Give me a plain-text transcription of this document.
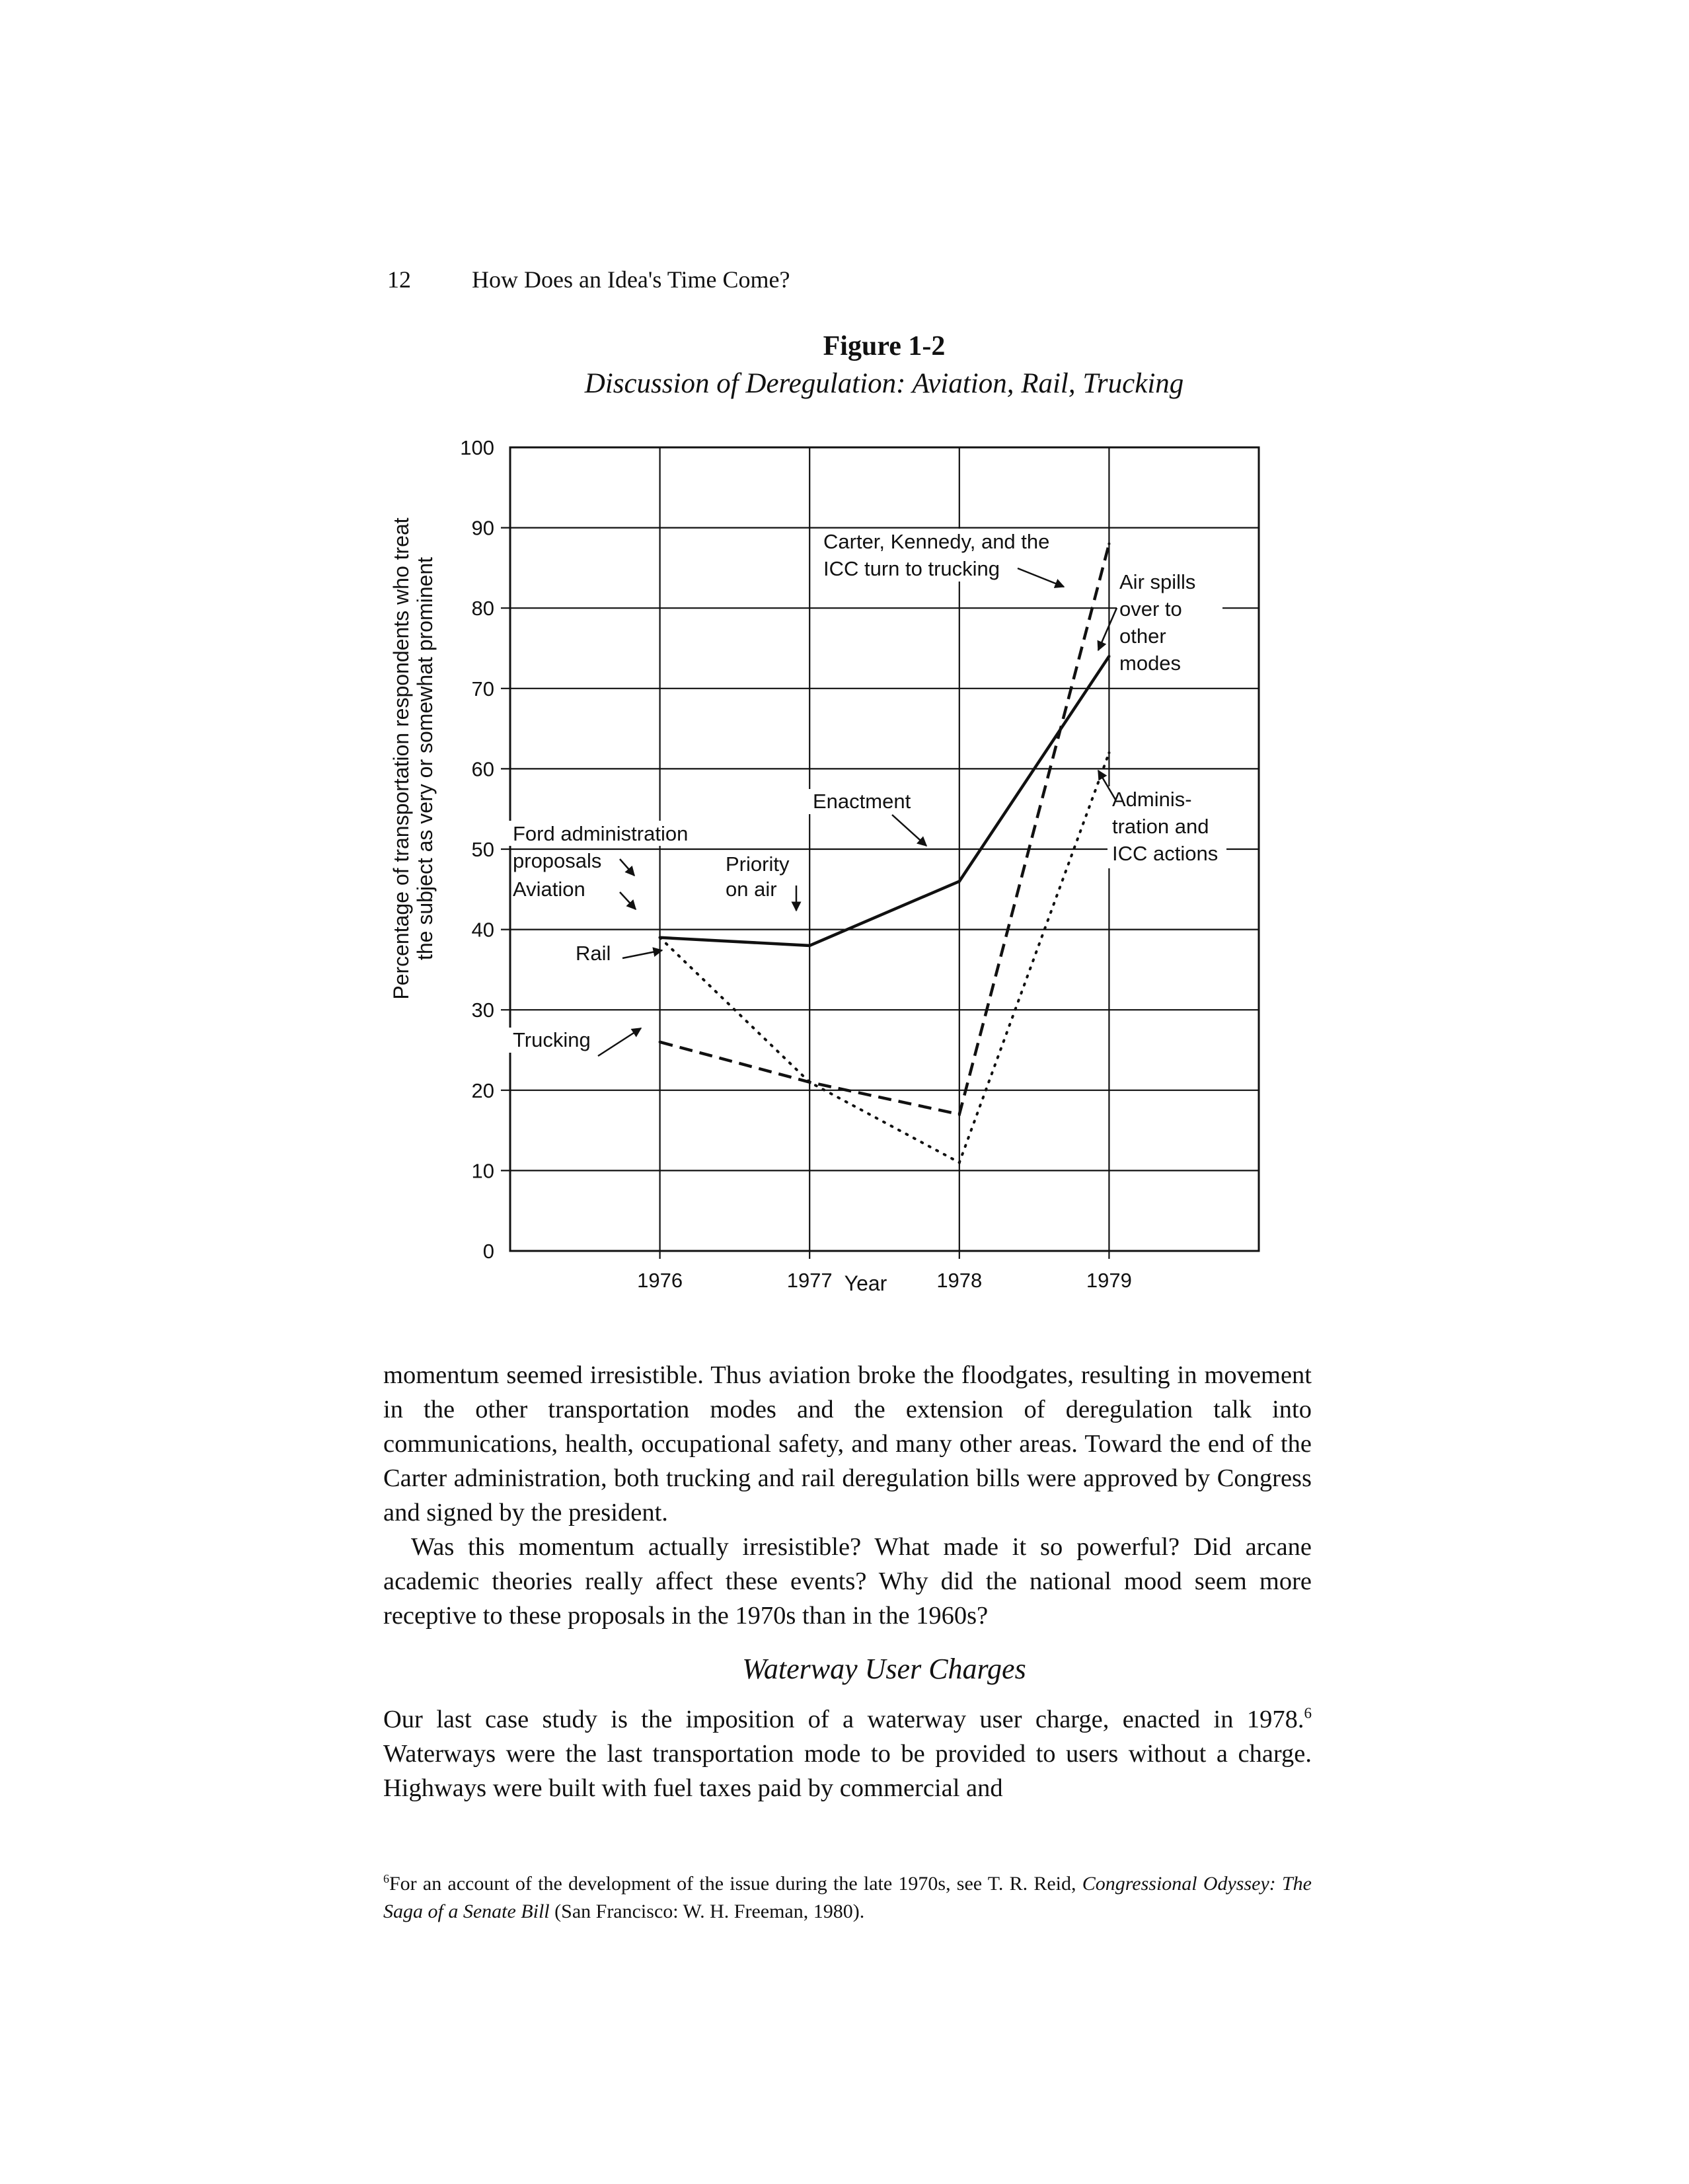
12	How Does an Idea's Time Come?
Figure 1-2
Discussion of Deregulation: Aviation, Rail, Trucking
0
10
20
30
40
50
60
70
80
90
100
1976	1977	1978	1979
Year
Percentage of transportation respondents who treat the subject as very or somewhat prominent	Ford administration
proposals
Aviation
Rail
Trucking
Priority
on air
Enactment
Carter, Kennedy, and the
ICC turn to trucking
Air spills
over to
other
modes
Adminis-
tration and
ICC actions

momentum seemed irresistible. Thus aviation broke the floodgates, resulting in movement in the other transportation modes and the extension of deregulation talk into communications, health, occupational safety, and many other areas. Toward the end of the Carter administration, both trucking and rail deregulation bills were approved by Congress and signed by the president.

Was this momentum actually irresistible? What made it so powerful? Did arcane academic theories really affect these events? Why did the national mood seem more receptive to these proposals in the 1970s than in the 1960s?

Waterway User Charges

Our last case study is the imposition of a waterway user charge, enacted in 1978.$^6$ Waterways were the last transportation mode to be provided to users without a charge. Highways were built with fuel taxes paid by commercial and

$^6$For an account of the development of the issue during the late 1970s, see T. R. Reid, Congressional Odyssey: The Saga of a Senate Bill (San Francisco: W. H. Freeman, 1980).
